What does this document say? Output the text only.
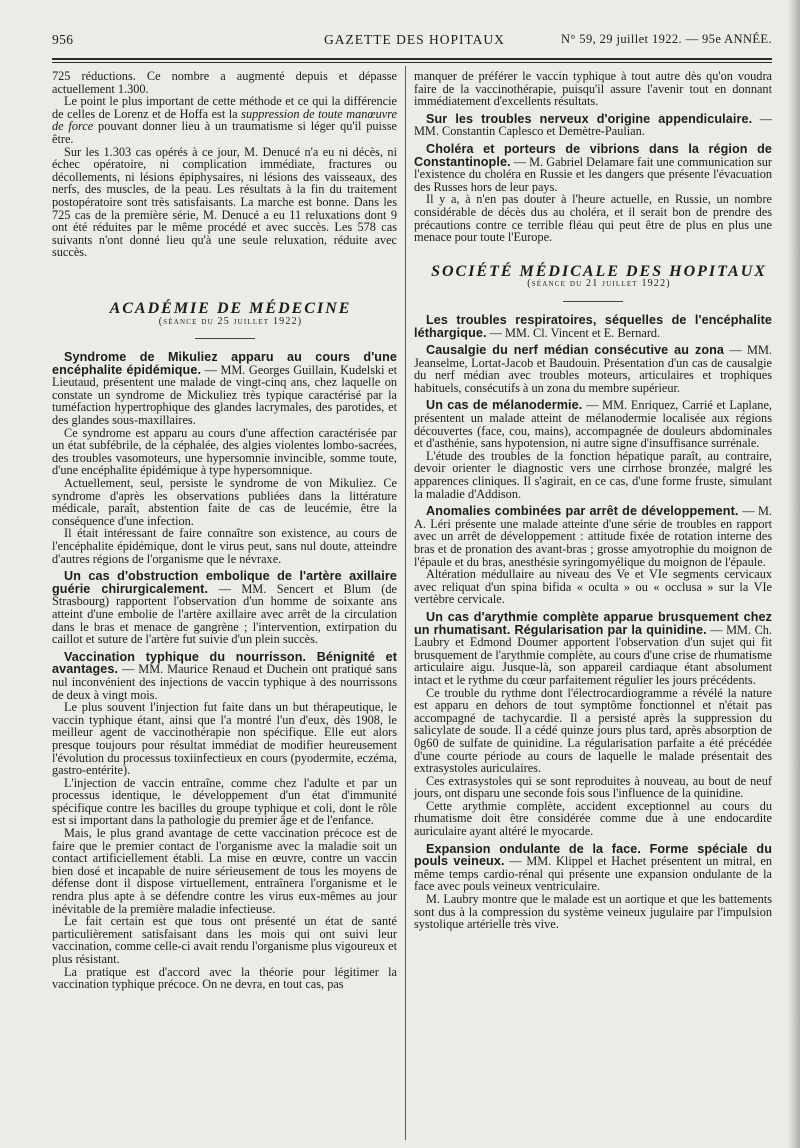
956	GAZETTE DES HOPITAUX	N° 59, 29 juillet 1922. — 95e ANNÉE.

725 réductions. Ce nombre a augmenté depuis et dépasse actuellement 1.300.

Le point le plus important de cette méthode et ce qui la différencie de celles de Lorenz et de Hoffa est la suppression de toute manœuvre de force pouvant donner lieu à un traumatisme si léger qu'il puisse être.

Sur les 1.303 cas opérés à ce jour, M. Denucé n'a eu ni décès, ni échec opératoire, ni complication immédiate, fractures ou décollements, ni lésions épiphysaires, ni lésions des vaisseaux, des nerfs, des muscles, de la peau. Les résultats à la fin du traitement postopératoire sont très satisfaisants. La marche est bonne. Dans les 725 cas de la première série, M. Denucé a eu 11 reluxations dont 9 ont été réduites par le même procédé et avec succès. Les 578 cas suivants n'ont donné lieu qu'à une seule reluxation, réduite avec succès.

ACADÉMIE DE MÉDECINE

(séance du 25 juillet 1922)

Syndrome de Mikuliez apparu au cours d'une encéphalite épidémique. — MM. Georges Guillain, Kudelski et Lieutaud, présentent une malade de vingt-cinq ans, chez laquelle on constate un syndrome de Mickuliez très typique caractérisé par la tuméfaction hypertrophique des glandes lacrymales, des parotides, et des glandes sous-maxillaires.

Ce syndrome est apparu au cours d'une affection caractérisée par un état subfébrile, de la céphalée, des algies violentes lombo-sacrées, des troubles vasomoteurs, une hypersomnie invincible, somme toute, d'une encéphalite épidémique à type hypersomnique.

Actuellement, seul, persiste le syndrome de von Mikuliez. Ce syndrome d'après les observations publiées dans la littérature médicale, paraît, abstention faite de cas de leucémie, être la conséquence d'une infection.

Il était intéressant de faire connaître son existence, au cours de l'encéphalite épidémique, dont le virus peut, sans nul doute, atteindre d'autres régions de l'organisme que le névraxe.

Un cas d'obstruction embolique de l'artère axillaire guérie chirurgicalement. — MM. Sencert et Blum (de Strasbourg) rapportent l'observation d'un homme de soixante ans atteint d'une embolie de l'artère axillaire avec arrêt de la circulation dans le bras et menace de gangrène ; l'intervention, extirpation du caillot et suture de l'artère fut suivie d'un plein succès.

Vaccination typhique du nourrisson. Bénignité et avantages. — MM. Maurice Renaud et Duchein ont pratiqué sans nul inconvénient des injections de vaccin typhique à des nourrissons de deux à vingt mois.

Le plus souvent l'injection fut faite dans un but thérapeutique, le vaccin typhique étant, ainsi que l'a montré l'un d'eux, dès 1908, le meilleur agent de vaccinothérapie non spécifique. Elle eut alors presque toujours pour résultat immédiat de modifier heureusement l'évolution du processus toxiinfectieux en cours (pyodermite, eczéma, gastro-entérite).

L'injection de vaccin entraîne, comme chez l'adulte et par un processus identique, le développement d'un état d'immunité spécifique contre les bacilles du groupe typhique et coli, dont le rôle est si important dans la pathologie du premier âge et de l'enfance.

Mais, le plus grand avantage de cette vaccination précoce est de faire que le premier contact de l'organisme avec la maladie soit un contact artificiellement établi. La mise en œuvre, contre un vaccin bien dosé et incapable de nuire sérieusement de tous les moyens de défense dont il dispose virtuellement, entraînera l'organisme et le rendra plus apte à se défendre contre les virus eux-mêmes au jour inévitable de la première maladie infectieuse.

Le fait certain est que tous ont présenté un état de santé particulièrement satisfaisant dans les mois qui ont suivi leur vaccination, comme celle-ci avait rendu l'organisme plus vigoureux et plus résistant.

La pratique est d'accord avec la théorie pour légitimer la vaccination typhique précoce. On ne devra, en tout cas, pas

manquer de préférer le vaccin typhique à tout autre dès qu'on voudra faire de la vaccinothérapie, puisqu'il assure l'avenir tout en donnant immédiatement d'excellents résultats.

Sur les troubles nerveux d'origine appendiculaire. — MM. Constantin Caplesco et Demètre-Paulian.

Choléra et porteurs de vibrions dans la région de Constantinople. — M. Gabriel Delamare fait une communication sur l'existence du choléra en Russie et les dangers que présente l'évacuation des Russes hors de leur pays.

Il y a, à n'en pas douter à l'heure actuelle, en Russie, un nombre considérable de décès dus au choléra, et il serait bon de prendre des précautions contre ce terrible fléau qui peut être de plus en plus une menace pour toute l'Europe.

SOCIÉTÉ MÉDICALE DES HOPITAUX

(séance du 21 juillet 1922)

Les troubles respiratoires, séquelles de l'encéphalite léthargique. — MM. Cl. Vincent et E. Bernard.

Causalgie du nerf médian consécutive au zona — MM. Jeanselme, Lortat-Jacob et Baudouin. Présentation d'un cas de causalgie du nerf médian avec troubles moteurs, articulaires et trophiques habituels, consécutifs à un zona du membre supérieur.

Un cas de mélanodermie. — MM. Enriquez, Carrié et Laplane, présentent un malade atteint de mélanodermie localisée aux régions découvertes (face, cou, mains), accompagnée de douleurs abdominales et d'asthénie, sans hypotension, ni autre signe d'insuffisance surrénale.

L'étude des troubles de la fonction hépatique paraît, au contraire, devoir orienter le diagnostic vers une cirrhose bronzée, malgré les apparences cliniques. Il s'agirait, en ce cas, d'une forme fruste, simulant la maladie d'Addison.

Anomalies combinées par arrêt de développement. — M. A. Léri présente une malade atteinte d'une série de troubles en rapport avec un arrêt de développement : attitude fixée de rotation interne des bras et de pronation des avant-bras ; grosse amyotrophie du moignon de l'épaule et du bras, anesthésie syringomyélique du moignon de l'épaule.

Altération médullaire au niveau des Ve et VIe segments cervicaux avec reliquat d'un spina bifida « oculta » ou « occlusa » sur la VIe vertèbre cervicale.

Un cas d'arythmie complète apparue brusquement chez un rhumatisant. Régularisation par la quinidine. — MM. Ch. Laubry et Edmond Doumer apportent l'observation d'un sujet qui fit brusquement de l'arythmie complète, au cours d'une crise de rhumatisme articulaire aigu. Jusque-là, son appareil cardiaque étant absolument intact et le rythme du cœur parfaitement régulier les jours précédents.

Ce trouble du rythme dont l'électrocardiogramme a révélé la nature est apparu en dehors de tout symptôme fonctionnel et n'était pas accompagné de tachycardie. Il a persisté après la suppression du salicylate de soude. Il a cédé quinze jours plus tard, après absorption de 0g60 de sulfate de quinidine. La régularisation parfaite a été précédée d'une courte période au cours de laquelle le malade présentait des extrasystoles auriculaires.

Ces extrasystoles qui se sont reproduites à nouveau, au bout de neuf jours, ont disparu une seconde fois sous l'influence de la quinidine.

Cette arythmie complète, accident exceptionnel au cours du rhumatisme doit être considérée comme due à une endocardite auriculaire ayant altéré le myocarde.

Expansion ondulante de la face. Forme spéciale du pouls veineux. — MM. Klippel et Hachet présentent un mitral, en même temps cardio-rénal qui présente une expansion ondulante de la face avec pouls veineux ventriculaire.

M. Laubry montre que le malade est un aortique et que les battements sont dus à la compression du système veineux jugulaire par l'impulsion systolique artérielle très vive.
